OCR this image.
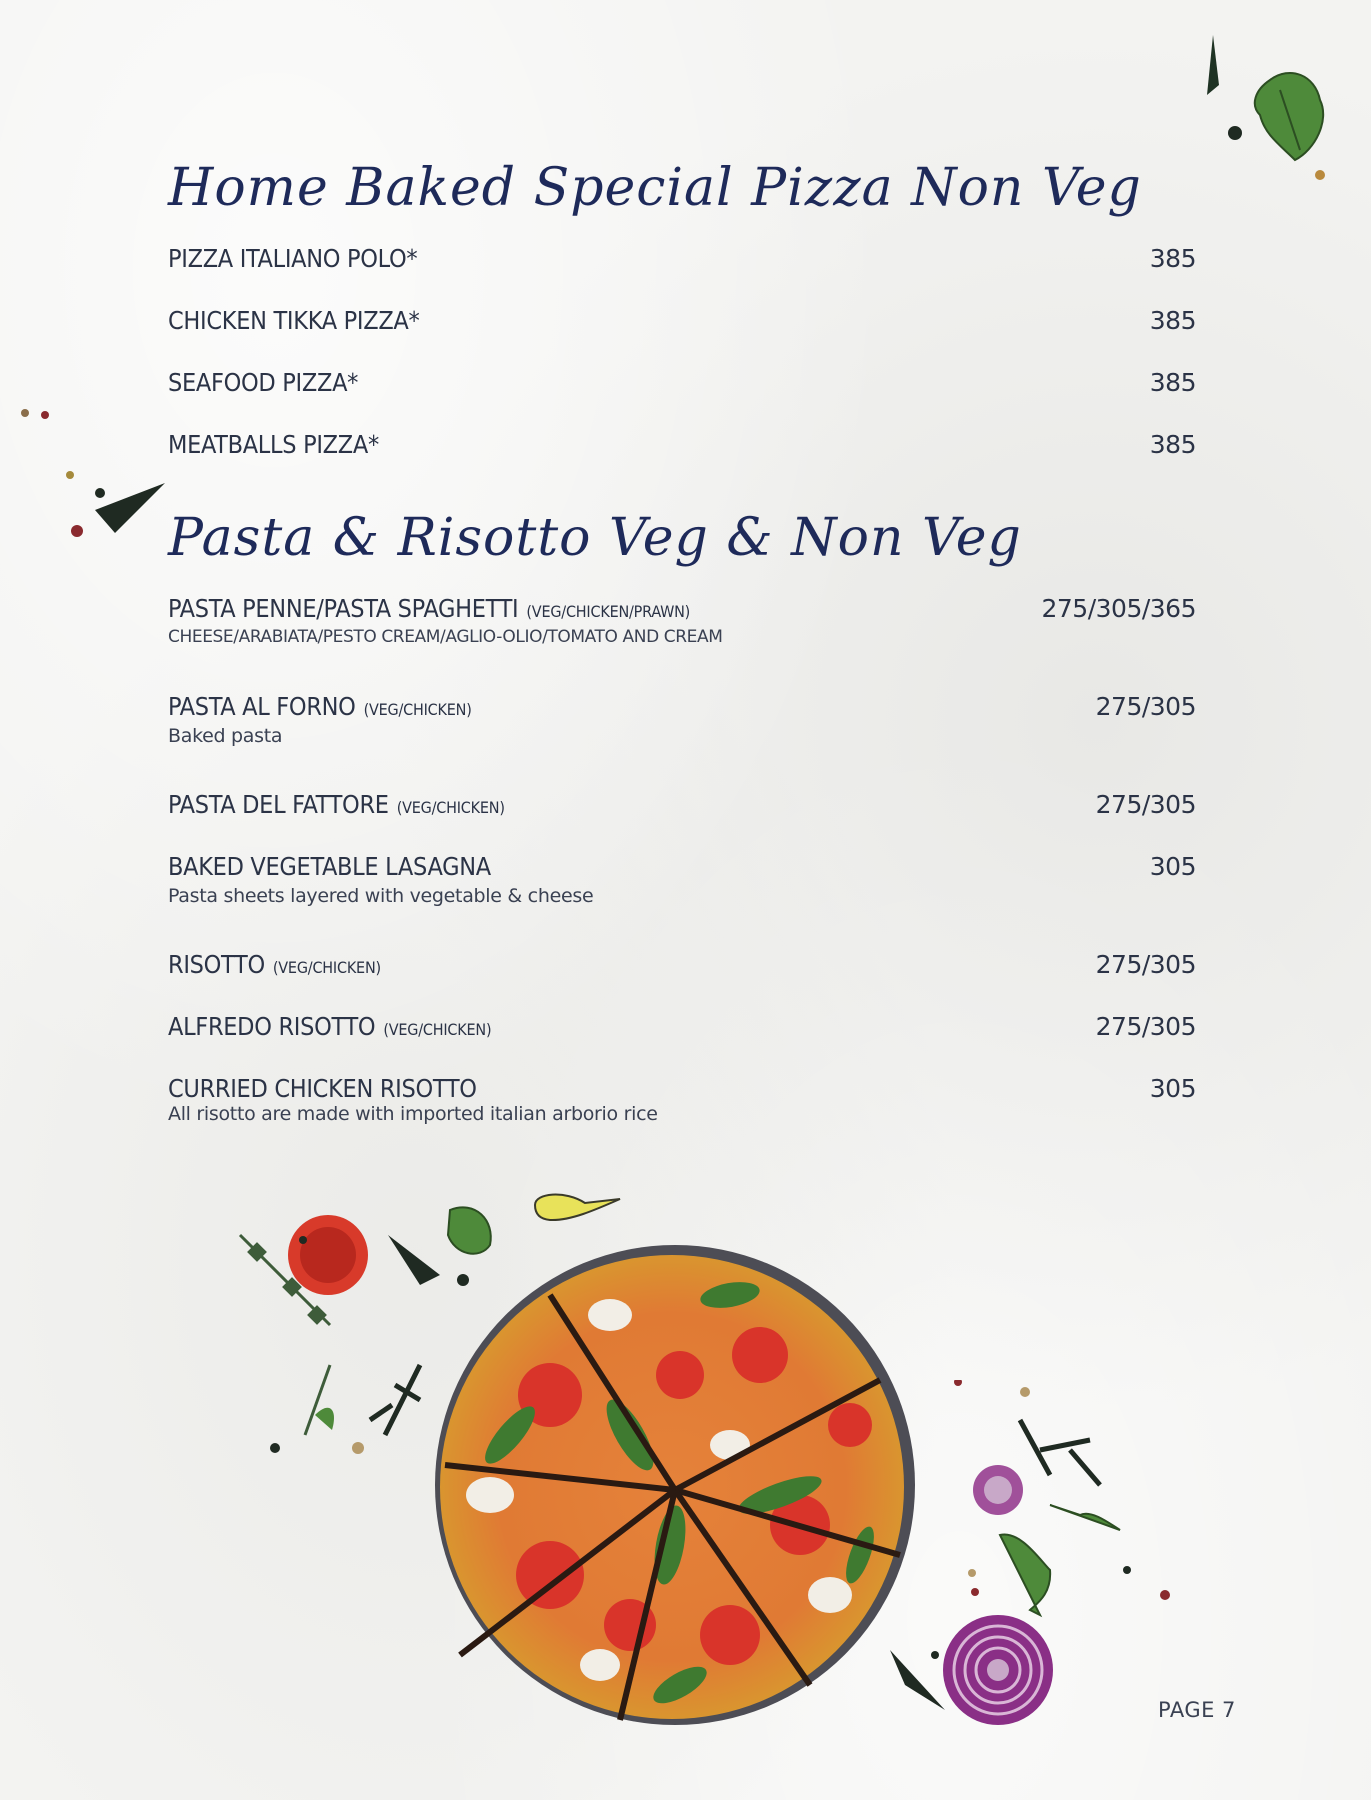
Home Baked Special Pizza Non Veg
PIZZA ITALIANO POLO*	385
CHICKEN TIKKA PIZZA*	385
SEAFOOD PIZZA*	385
MEATBALLS PIZZA*	385
Pasta & Risotto Veg & Non Veg
PASTA PENNE/PASTA SPAGHETTI (VEG/CHICKEN/PRAWN)	275/305/365
CHEESE/ARABIATA/PESTO CREAM/AGLIO-OLIO/TOMATO AND CREAM
PASTA AL FORNO (VEG/CHICKEN)	275/305
Baked pasta
PASTA DEL FATTORE (VEG/CHICKEN)	275/305
BAKED VEGETABLE LASAGNA	305
Pasta sheets layered with vegetable & cheese
RISOTTO (VEG/CHICKEN)	275/305
ALFREDO RISOTTO (VEG/CHICKEN)	275/305
CURRIED CHICKEN RISOTTO	305
All risotto are made with imported italian arborio rice
PAGE 7
